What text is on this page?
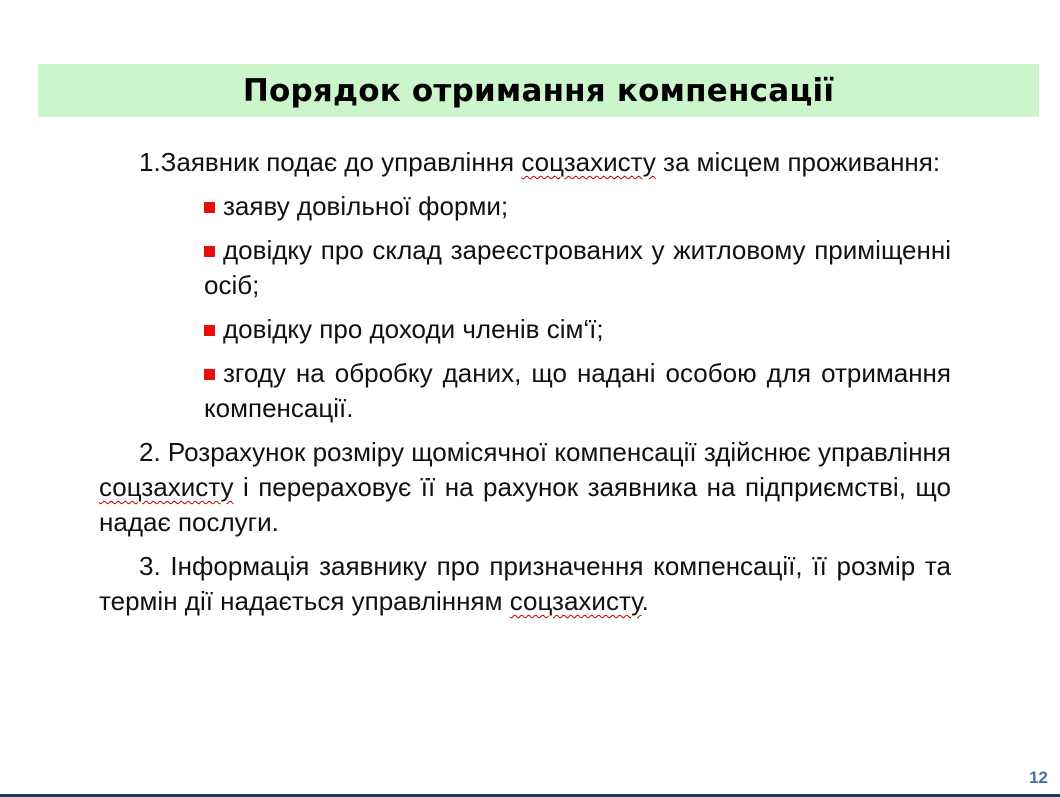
Порядок отримання компенсації

1.Заявник подає до управління соцзахисту за місцем проживання:

заяву довільної форми;
довідку про склад зареєстрованих у житловому приміщенні осіб;
довідку про доходи членів сім‘ї;
згоду на обробку даних, що надані особою для отримання компенсації.

2. Розрахунок розміру щомісячної компенсації здійснює управління соцзахисту і перераховує її на рахунок заявника на підприємстві, що надає послуги.

3. Інформація заявнику про призначення компенсації, її розмір та термін дії надається управлінням соцзахисту.

12
